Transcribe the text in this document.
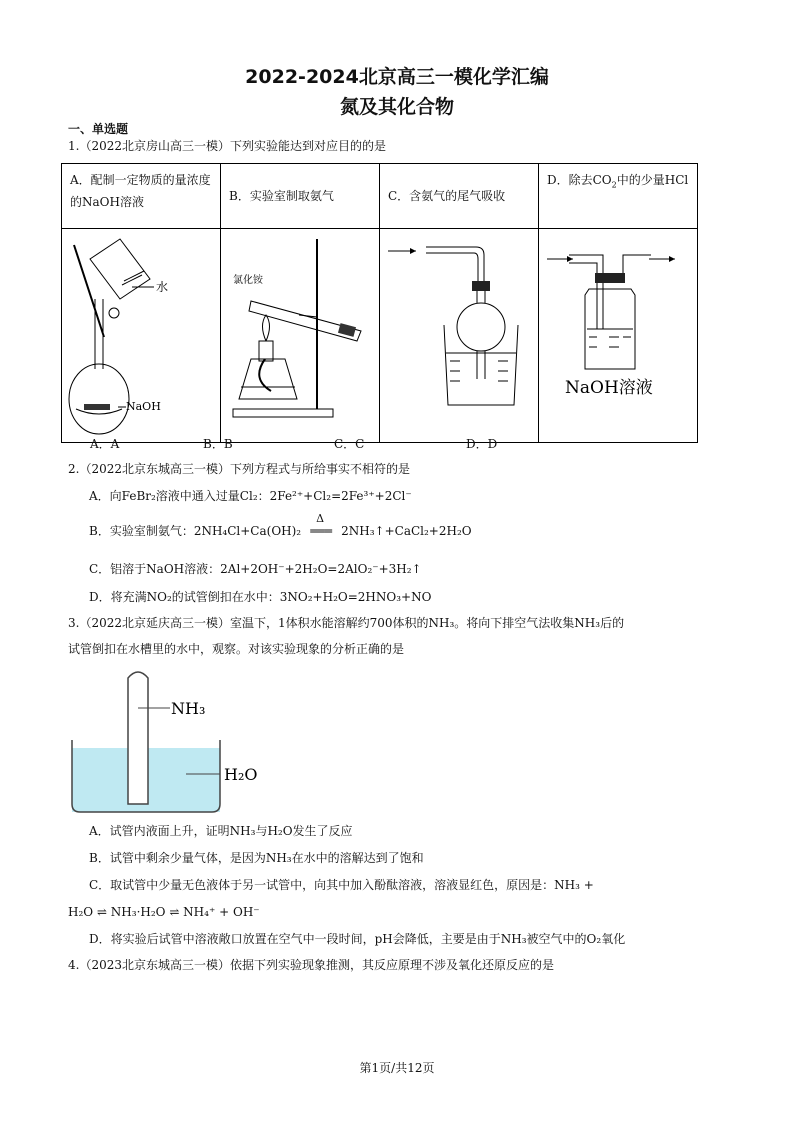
2022-2024北京高三一模化学汇编
氮及其化合物
一、单选题
1.（2022北京房山高三一模）下列实验能达到对应目的的是
A．配制一定物质的量浓度的NaOH溶液	B．实验室制取氨气	C．含氨气的尾气吸收	D．除去$CO_2$中的少量HCl

水
NaOH	氯化铵		NaOH溶液
A．A	B．B	C．C	D．D
2.（2022北京东城高三一模）下列方程式与所给事实不相符的是
A．向FeBr₂溶液中通入过量Cl₂：2Fe²⁺+Cl₂=2Fe³⁺+2Cl⁻
B．实验室制氨气：2NH₄Cl+Ca(OH)₂
Δ
═══ 2NH₃↑+CaCl₂+2H₂O
C．铝溶于NaOH溶液：2Al+2OH⁻+2H₂O=2AlO₂⁻+3H₂↑
D．将充满NO₂的试管倒扣在水中：3NO₂+H₂O=2HNO₃+NO
3.（2022北京延庆高三一模）室温下，1体积水能溶解约700体积的NH₃。将向下排空气法收集NH₃后的
试管倒扣在水槽里的水中，观察。对该实验现象的分析正确的是
NH₃
H₂O
A．试管内液面上升，证明NH₃与H₂O发生了反应
B．试管中剩余少量气体，是因为NH₃在水中的溶解达到了饱和
C．取试管中少量无色液体于另一试管中，向其中加入酚酞溶液，溶液显红色，原因是：NH₃ +
H₂O ⇌ NH₃·H₂O ⇌ NH₄⁺ + OH⁻
D．将实验后试管中溶液敞口放置在空气中一段时间，pH会降低，主要是由于NH₃被空气中的O₂氧化
4.（2023北京东城高三一模）依据下列实验现象推测，其反应原理不涉及氧化还原反应的是
第1页/共12页
